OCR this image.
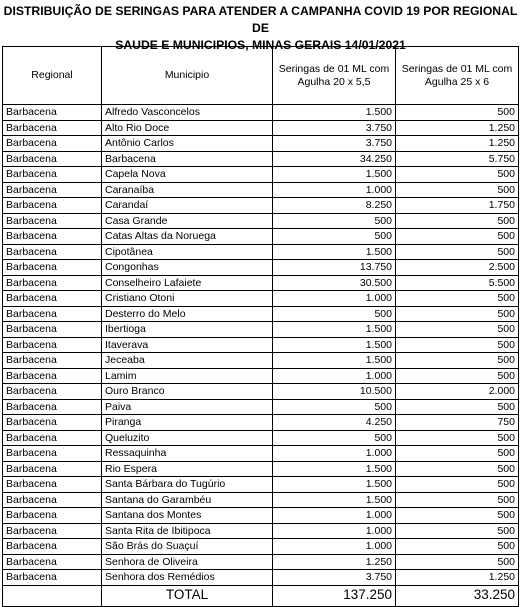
DISTRIBUIÇÃO DE SERINGAS PARA ATENDER A CAMPANHA COVID 19 POR REGIONAL DE
SAUDE E MUNICIPIOS, MINAS GERAIS 14/01/2021
Regional	Municipio	Seringas de 01 ML com Agulha 20 x 5,5	Seringas de 01 ML com Agulha 25 x 6
Barbacena	Alfredo Vasconcelos	1.500	500
Barbacena	Alto Rio Doce	3.750	1.250
Barbacena	Antônio Carlos	3.750	1.250
Barbacena	Barbacena	34.250	5.750
Barbacena	Capela Nova	1.500	500
Barbacena	Caranaíba	1.000	500
Barbacena	Carandaí	8.250	1.750
Barbacena	Casa Grande	500	500
Barbacena	Catas Altas da Noruega	500	500
Barbacena	Cipotânea	1.500	500
Barbacena	Congonhas	13.750	2.500
Barbacena	Conselheiro Lafaiete	30.500	5.500
Barbacena	Cristiano Otoni	1.000	500
Barbacena	Desterro do Melo	500	500
Barbacena	Ibertioga	1.500	500
Barbacena	Itaverava	1.500	500
Barbacena	Jeceaba	1.500	500
Barbacena	Lamim	1.000	500
Barbacena	Ouro Branco	10.500	2.000
Barbacena	Paiva	500	500
Barbacena	Piranga	4.250	750
Barbacena	Queluzito	500	500
Barbacena	Ressaquinha	1.000	500
Barbacena	Rio Espera	1.500	500
Barbacena	Santa Bárbara do Tugúrio	1.500	500
Barbacena	Santana do Garambéu	1.500	500
Barbacena	Santana dos Montes	1.000	500
Barbacena	Santa Rita de Ibitipoca	1.000	500
Barbacena	São Brás do Suaçuí	1.000	500
Barbacena	Senhora de Oliveira	1.250	500
Barbacena	Senhora dos Remédios	3.750	1.250
	TOTAL	137.250	33.250
